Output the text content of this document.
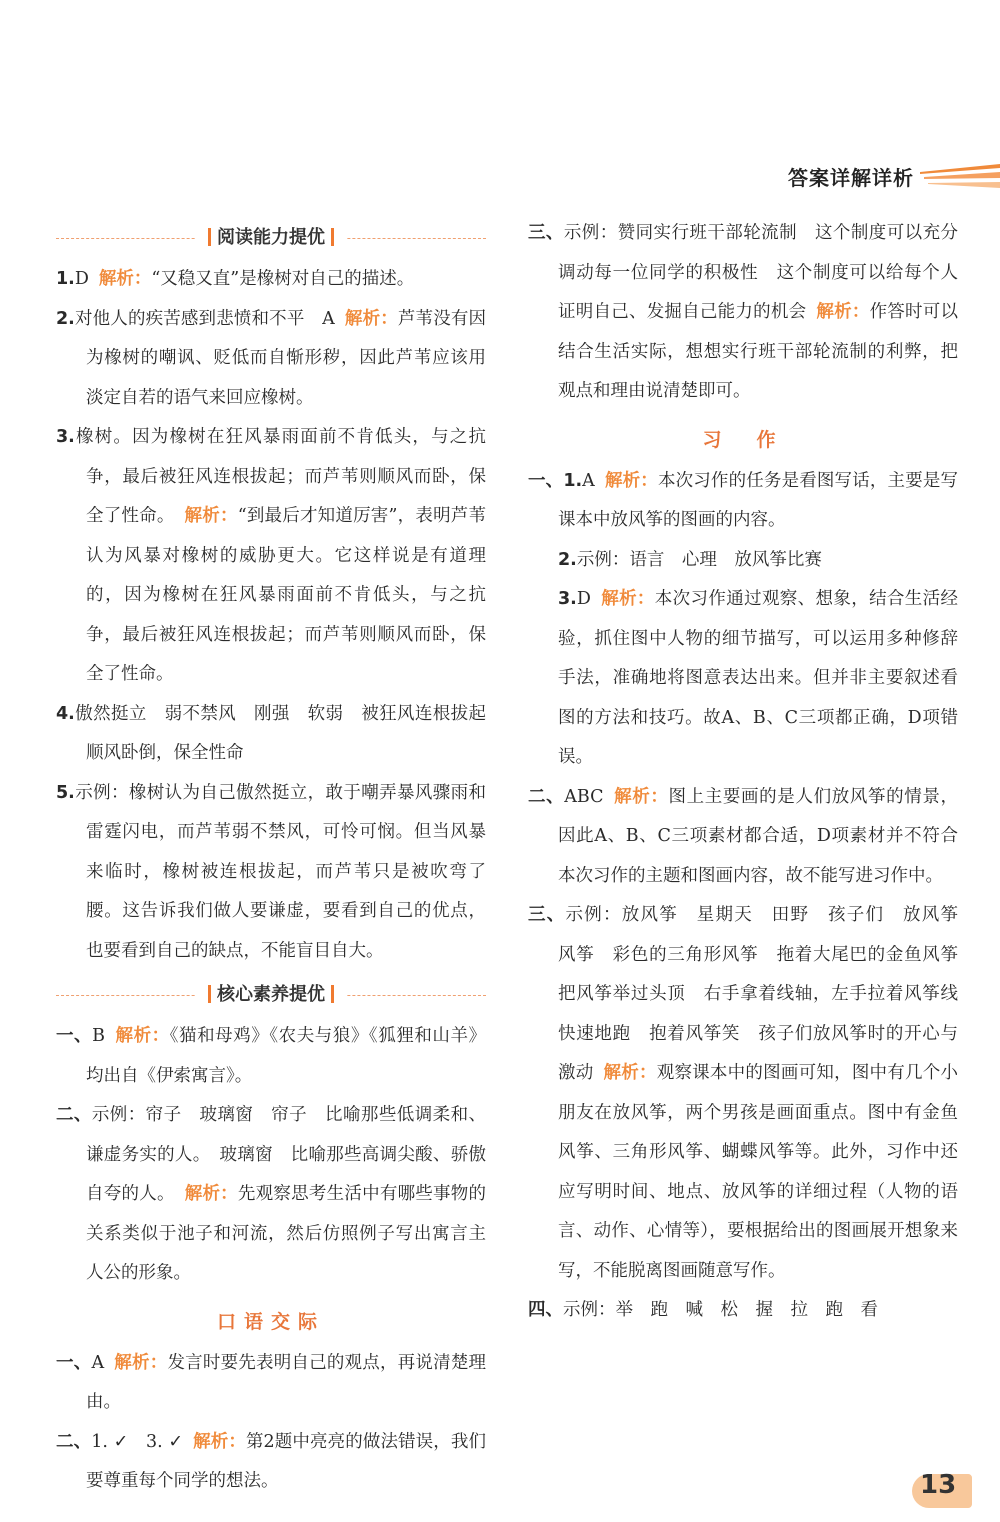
答案详解详析
阅读能力提优
1.D 解析：“又稳又直”是橡树对自己的描述。
2.对他人的疾苦感到悲愤和不平　A 解析：芦苇没有因为橡树的嘲讽、贬低而自惭形秽，因此芦苇应该用淡定自若的语气来回应橡树。
3.橡树。因为橡树在狂风暴雨面前不肯低头，与之抗争，最后被狂风连根拔起；而芦苇则顺风而卧，保全了性命。 解析：“到最后才知道厉害”，表明芦苇认为风暴对橡树的威胁更大。它这样说是有道理的，因为橡树在狂风暴雨面前不肯低头，与之抗争，最后被狂风连根拔起；而芦苇则顺风而卧，保全了性命。
4.傲然挺立　弱不禁风　刚强　软弱　被狂风连根拔起　顺风卧倒，保全性命
5.示例：橡树认为自己傲然挺立，敢于嘲弄暴风骤雨和雷霆闪电，而芦苇弱不禁风，可怜可悯。但当风暴来临时，橡树被连根拔起，而芦苇只是被吹弯了腰。这告诉我们做人要谦虚，要看到自己的优点，也要看到自己的缺点，不能盲目自大。
核心素养提优
一、B 解析：《猫和母鸡》《农夫与狼》《狐狸和山羊》均出自《伊索寓言》。
二、示例：帘子　玻璃窗　帘子　比喻那些低调柔和、谦虚务实的人。　玻璃窗　比喻那些高调尖酸、骄傲自夸的人。 解析：先观察思考生活中有哪些事物的关系类似于池子和河流，然后仿照例子写出寓言主人公的形象。
口语交际
一、A 解析：发言时要先表明自己的观点，再说清楚理由。
二、1. ✓　3. ✓ 解析：第2题中亮亮的做法错误，我们要尊重每个同学的想法。
三、示例：赞同实行班干部轮流制　这个制度可以充分调动每一位同学的积极性　这个制度可以给每个人证明自己、发掘自己能力的机会 解析：作答时可以结合生活实际，想想实行班干部轮流制的利弊，把观点和理由说清楚即可。
习　作
一、1.A 解析：本次习作的任务是看图写话，主要是写课本中放风筝的图画的内容。
2.示例：语言　心理　放风筝比赛
3.D 解析：本次习作通过观察、想象，结合生活经验，抓住图中人物的细节描写，可以运用多种修辞手法，准确地将图意表达出来。但并非主要叙述看图的方法和技巧。故A、B、C三项都正确，D项错误。
二、ABC 解析：图上主要画的是人们放风筝的情景，因此A、B、C三项素材都合适，D项素材并不符合本次习作的主题和图画内容，故不能写进习作中。
三、示例：放风筝　星期天　田野　孩子们　放风筝　风筝　彩色的三角形风筝　拖着大尾巴的金鱼风筝　把风筝举过头顶　右手拿着线轴，左手拉着风筝线快速地跑　抱着风筝笑　孩子们放风筝时的开心与激动 解析：观察课本中的图画可知，图中有几个小朋友在放风筝，两个男孩是画面重点。图中有金鱼风筝、三角形风筝、蝴蝶风筝等。此外，习作中还应写明时间、地点、放风筝的详细过程（人物的语言、动作、心情等），要根据给出的图画展开想象来写，不能脱离图画随意写作。
四、示例：举　跑　喊　松　握　拉　跑　看
13
